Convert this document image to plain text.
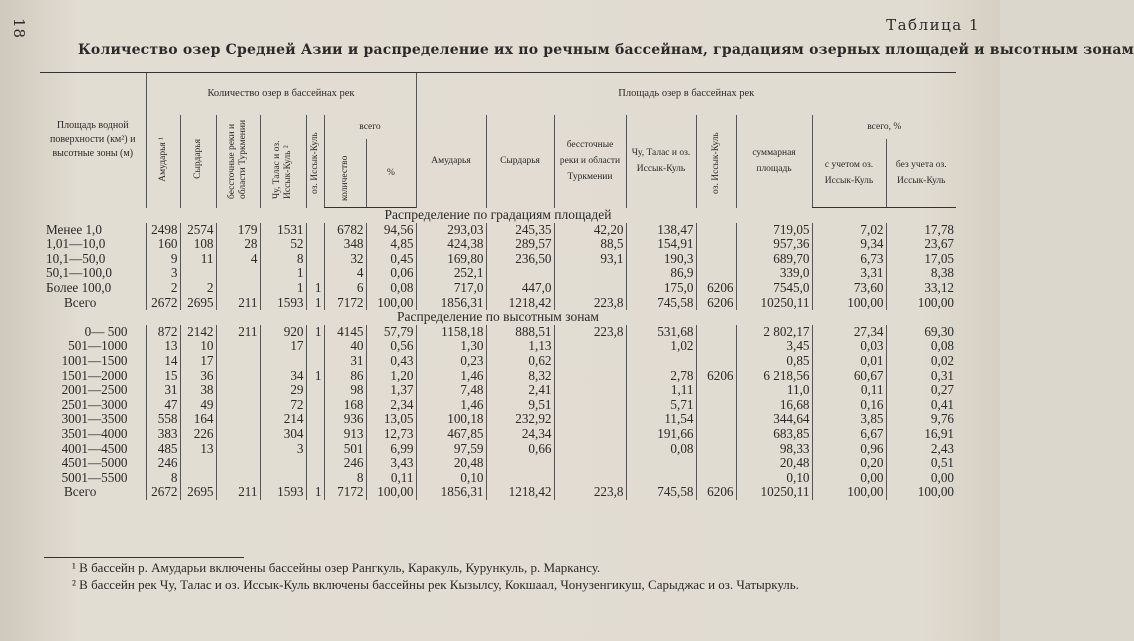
18	Таблица 1
Количество озер Средней Азии и распределение их по речным бассейнам, градациям озерных площадей и высотным зонам
Площадь водной поверхности (км²) и высотные зоны (м)	Количество озер в бассейнах рек							Площадь озер в бассейнах рек							
	Амударья ¹	Сырдарья	бессточные реки и области Туркмении	Чу, Талас и оз. Иссык-Куль ²	оз. Иссык-Куль	всего		Амударья	Сырдарья	бессточные реки и области Туркмении	Чу, Талас и оз. Иссык-Куль	оз. Иссык-Куль	суммарная площадь	всего, %	
						количество	%							с учетом оз. Иссык-Куль	без учета оз. Иссык-Куль
Распределение по градациям площадей															
Менее 1,0	2498	2574	179	1531		6782	94,56	293,03	245,35	42,20	138,47		719,05	7,02	17,78
1,01—10,0	160	108	28	52		348	4,85	424,38	289,57	88,5	154,91		957,36	9,34	23,67
10,1—50,0	9	11	4	8		32	0,45	169,80	236,50	93,1	190,3		689,70	6,73	17,05
50,1—100,0	3			1		4	0,06	252,1			86,9		339,0	3,31	8,38
Более 100,0	2	2		1	1	6	0,08	717,0	447,0		175,0	6206	7545,0	73,60	33,12
Всего	2672	2695	211	1593	1	7172	100,00	1856,31	1218,42	223,8	745,58	6206	10250,11	100,00	100,00
Распределение по высотным зонам															
0— 500	872	2142	211	920	1	4145	57,79	1158,18	888,51	223,8	531,68		2 802,17	27,34	69,30
501—1000	13	10		17		40	0,56	1,30	1,13		1,02		3,45	0,03	0,08
1001—1500	14	17				31	0,43	0,23	0,62				0,85	0,01	0,02
1501—2000	15	36		34	1	86	1,20	1,46	8,32		2,78	6206	6 218,56	60,67	0,31
2001—2500	31	38		29		98	1,37	7,48	2,41		1,11		11,0	0,11	0,27
2501—3000	47	49		72		168	2,34	1,46	9,51		5,71		16,68	0,16	0,41
3001—3500	558	164		214		936	13,05	100,18	232,92		11,54		344,64	3,85	9,76
3501—4000	383	226		304		913	12,73	467,85	24,34		191,66		683,85	6,67	16,91
4001—4500	485	13		3		501	6,99	97,59	0,66		0,08		98,33	0,96	2,43
4501—5000	246					246	3,43	20,48					20,48	0,20	0,51
5001—5500	8					8	0,11	0,10					0,10	0,00	0,00
Всего	2672	2695	211	1593	1	7172	100,00	1856,31	1218,42	223,8	745,58	6206	10250,11	100,00	100,00

¹ В бассейн р. Амударьи включены бассейны озер Рангкуль, Каракуль, Курункуль, р. Маркансу.

² В бассейн рек Чу, Талас и оз. Иссык-Куль включены бассейны рек Кызылсу, Кокшаал, Чонузенгикуш, Сарыджас и оз. Чатыркуль.
